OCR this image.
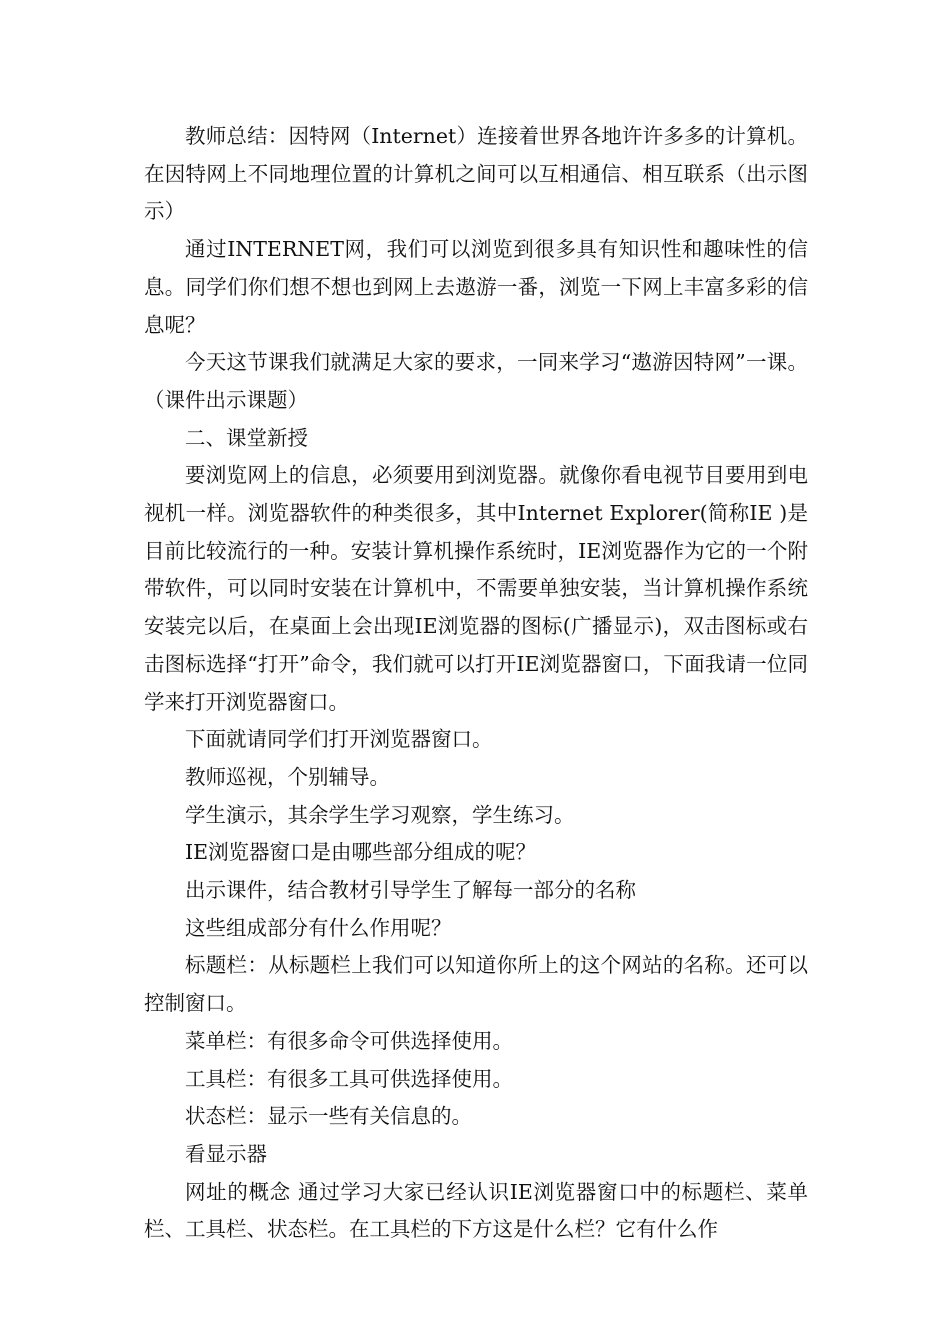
教师总结：因特网（Internet）连接着世界各地许许多多的计算机。在因特网上不同地理位置的计算机之间可以互相通信、相互联系（出示图示）

通过INTERNET网，我们可以浏览到很多具有知识性和趣味性的信息。同学们你们想不想也到网上去遨游一番，浏览一下网上丰富多彩的信息呢？

今天这节课我们就满足大家的要求，一同来学习“遨游因特网”一课。（课件出示课题）

二、课堂新授

要浏览网上的信息，必须要用到浏览器。就像你看电视节目要用到电视机一样。浏览器软件的种类很多，其中Internet Explorer(简称IE )是目前比较流行的一种。安装计算机操作系统时，IE浏览器作为它的一个附带软件，可以同时安装在计算机中，不需要单独安装，当计算机操作系统安装完以后，在桌面上会出现IE浏览器的图标(广播显示)，双击图标或右击图标选择“打开”命令，我们就可以打开IE浏览器窗口，下面我请一位同学来打开浏览器窗口。

下面就请同学们打开浏览器窗口。

教师巡视，个别辅导。

学生演示，其余学生学习观察，学生练习。

IE浏览器窗口是由哪些部分组成的呢？

出示课件，结合教材引导学生了解每一部分的名称

这些组成部分有什么作用呢？

标题栏：从标题栏上我们可以知道你所上的这个网站的名称。还可以控制窗口。

菜单栏：有很多命令可供选择使用。

工具栏：有很多工具可供选择使用。

状态栏：显示一些有关信息的。

看显示器

网址的概念 通过学习大家已经认识IE浏览器窗口中的标题栏、菜单栏、工具栏、状态栏。在工具栏的下方这是什么栏？它有什么作
